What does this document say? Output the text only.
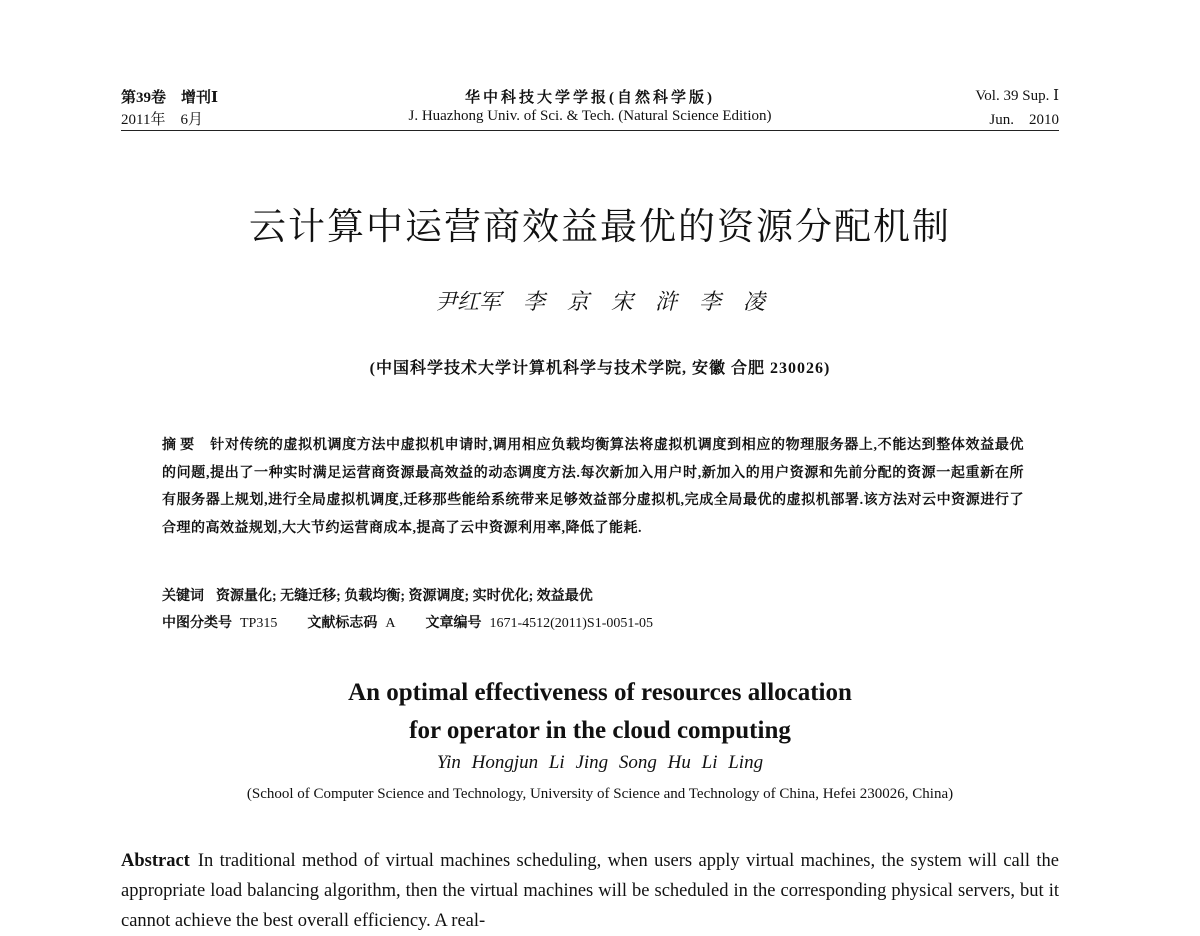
第39卷　增刊Ⅰ	华中科技大学学报(自然科学版)	Vol. 39 Sup. Ⅰ
2011年　6月	J. Huazhong Univ. of Sci. & Tech. (Natural Science Edition)	Jun.　2010
云计算中运营商效益最优的资源分配机制
尹红军　李　京　宋　浒　李　凌
(中国科学技术大学计算机科学与技术学院, 安徽 合肥 230026)
摘要 针对传统的虚拟机调度方法中虚拟机申请时,调用相应负载均衡算法将虚拟机调度到相应的物理服务器上,不能达到整体效益最优的问题,提出了一种实时满足运营商资源最高效益的动态调度方法.每次新加入用户时,新加入的用户资源和先前分配的资源一起重新在所有服务器上规划,进行全局虚拟机调度,迁移那些能给系统带来足够效益部分虚拟机,完成全局最优的虚拟机部署.该方法对云中资源进行了合理的高效益规划,大大节约运营商成本,提高了云中资源利用率,降低了能耗.
关键词 资源量化; 无缝迁移; 负载均衡; 资源调度; 实时优化; 效益最优
中图分类号 TP315 文献标志码 A 文章编号 1671-4512(2011)S1-0051-05
An optimal effectiveness of resources allocation
for operator in the cloud computing
Yin Hongjun Li Jing Song Hu Li Ling
(School of Computer Science and Technology, University of Science and Technology of China, Hefei 230026, China)
Abstract In traditional method of virtual machines scheduling, when users apply virtual machines, the system will call the appropriate load balancing algorithm, then the virtual machines will be scheduled in the corresponding physical servers, but it cannot achieve the best overall efficiency. A real-
